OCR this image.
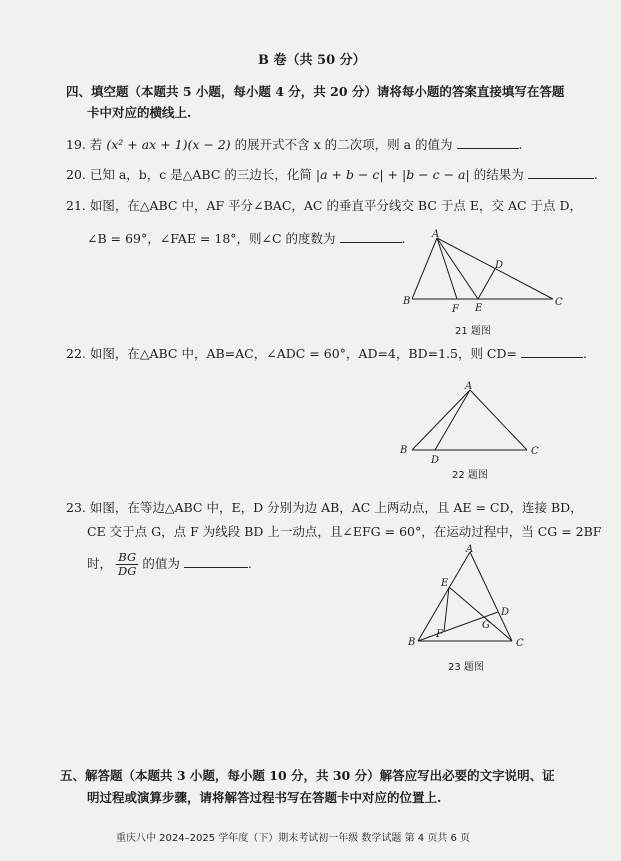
B 卷（共 50 分）
四、填空题（本题共 5 小题，每小题 4 分，共 20 分）请将每小题的答案直接填写在答题
卡中对应的横线上.
19. 若 (x² + ax + 1)(x − 2) 的展开式不含 x 的二次项，则 a 的值为	.
20. 已知 a，b，c 是△ABC 的三边长，化简 |a + b − c| + |b − c − a| 的结果为	.
21. 如图，在△ABC 中，AF 平分∠BAC，AC 的垂直平分线交 BC 于点 E，交 AC 于点 D，
∠B = 69°，∠FAE = 18°，则∠C 的度数为	.	A
B	C
D
E
F
21 题图
22. 如图，在△ABC 中，AB=AC，∠ADC = 60°，AD=4，BD=1.5，则 CD=	.
A
B	C
D
22 题图
23. 如图，在等边△ABC 中，E，D 分别为边 AB，AC 上两动点，且 AE = CD，连接 BD，
CE 交于点 G，点 F 为线段 BD 上一动点，且∠EFG = 60°，在运动过程中，当 CG = 2BF
时， $\frac{BG}{DG}$ 的值为	.
A
B	C
D
E
F
G
23 题图
五、解答题（本题共 3 小题，每小题 10 分，共 30 分）解答应写出必要的文字说明、证
明过程或演算步骤，请将解答过程书写在答题卡中对应的位置上.
重庆八中 2024–2025 学年度（下）期末考试初一年级 数学试题 第 4 页共 6 页
